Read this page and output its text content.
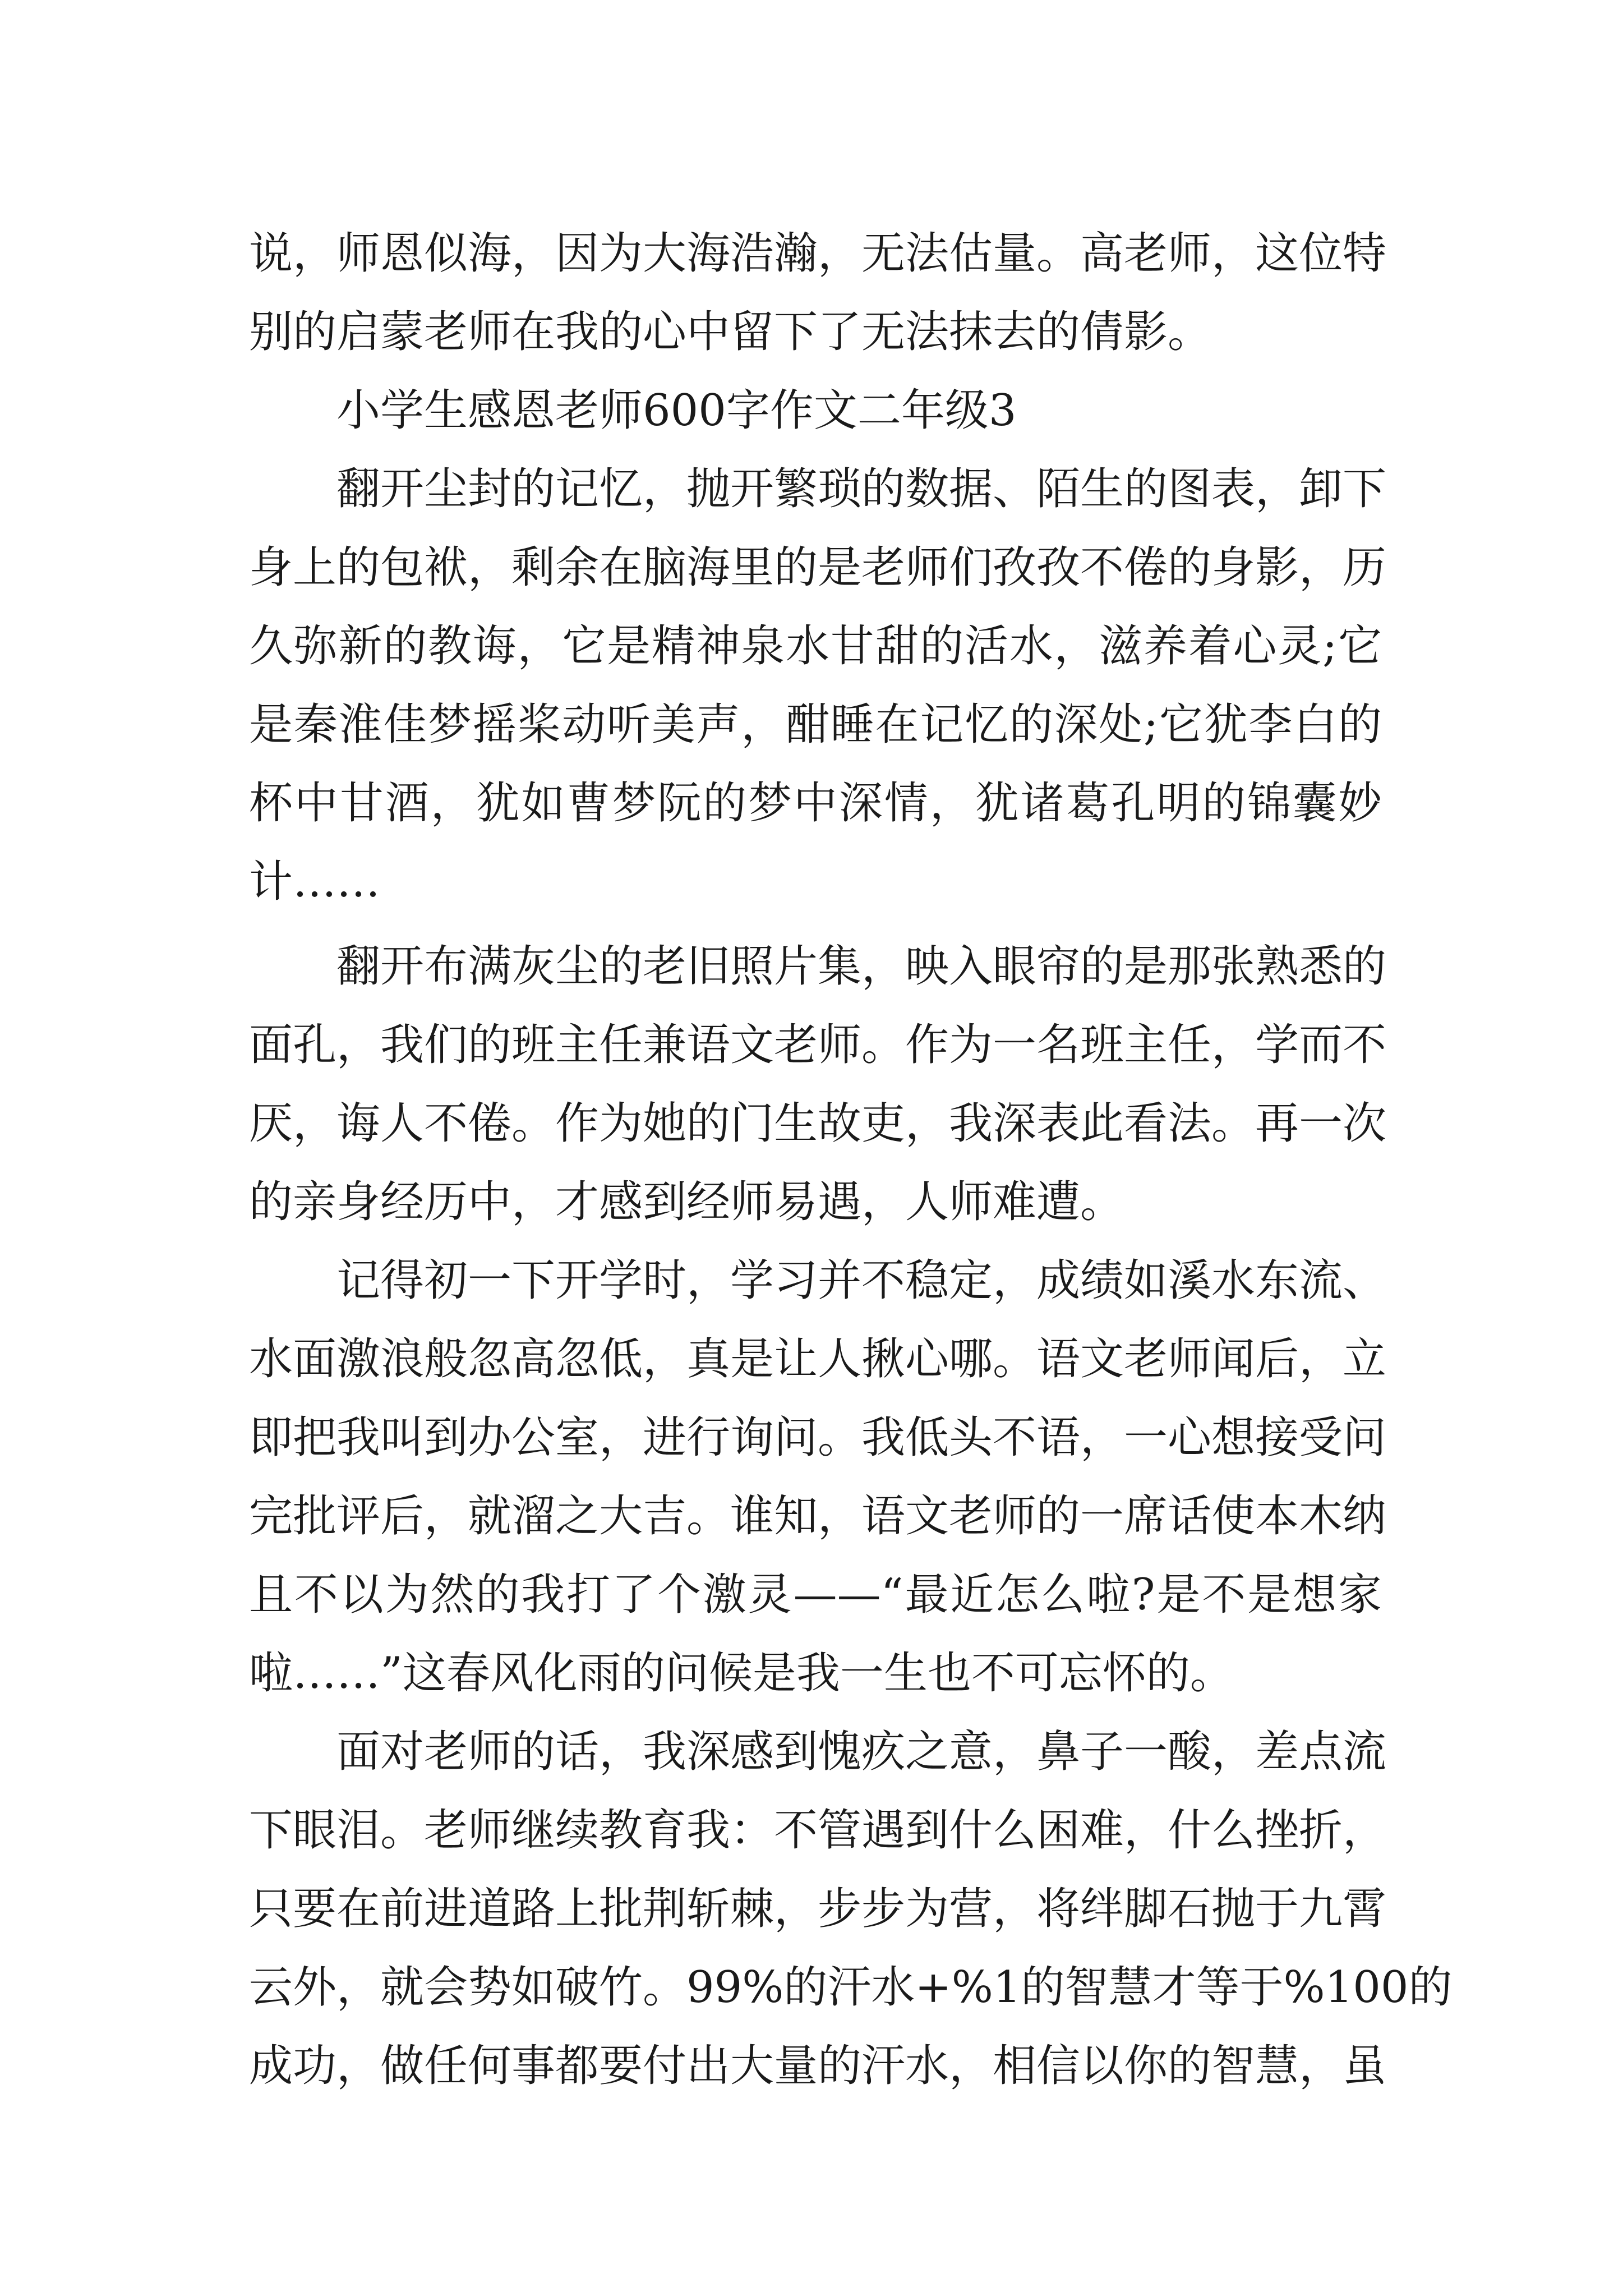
说，师恩似海，因为大海浩瀚，无法估量。高老师，这位特
别的启蒙老师在我的心中留下了无法抹去的倩影。
小学生感恩老师600字作文二年级3
翻开尘封的记忆，抛开繁琐的数据、陌生的图表，卸下
身上的包袱，剩余在脑海里的是老师们孜孜不倦的身影，历
久弥新的教诲，它是精神泉水甘甜的活水，滋养着心灵;它
是秦淮佳梦摇桨动听美声，酣睡在记忆的深处;它犹李白的
杯中甘酒，犹如曹梦阮的梦中深情，犹诸葛孔明的锦囊妙
计……
翻开布满灰尘的老旧照片集，映入眼帘的是那张熟悉的
面孔，我们的班主任兼语文老师。作为一名班主任，学而不
厌，诲人不倦。作为她的门生故吏，我深表此看法。再一次
的亲身经历中，才感到经师易遇，人师难遭。
记得初一下开学时，学习并不稳定，成绩如溪水东流、
水面激浪般忽高忽低，真是让人揪心哪。语文老师闻后，立
即把我叫到办公室，进行询问。我低头不语，一心想接受问
完批评后，就溜之大吉。谁知，语文老师的一席话使本木纳
且不以为然的我打了个激灵——“最近怎么啦?是不是想家
啦……”这春风化雨的问候是我一生也不可忘怀的。
面对老师的话，我深感到愧疚之意，鼻子一酸，差点流
下眼泪。老师继续教育我：不管遇到什么困难，什么挫折，
只要在前进道路上批荆斩棘，步步为营，将绊脚石抛于九霄
云外，就会势如破竹。99%的汗水+%1的智慧才等于%100的
成功，做任何事都要付出大量的汗水，相信以你的智慧，虽
